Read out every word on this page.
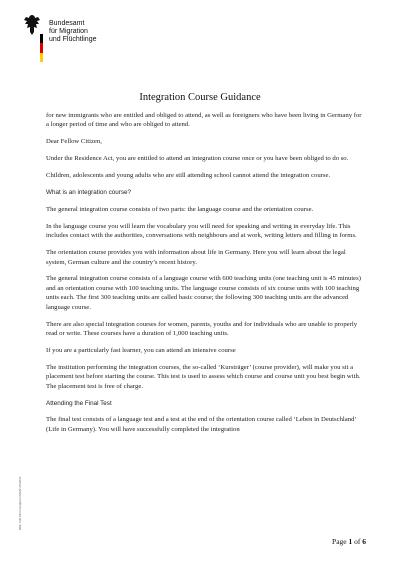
Bundesamt
für Migration
und Flüchtlinge
Integration Course Guidance

for new immigrants who are entitled and obliged to attend, as well as foreigners who have been living in Germany for a longer period of time and who are obliged to attend.

Dear Fellow Citizen,

Under the Residence Act, you are entitled to attend an integration course once or you have been obliged to do so.

Children, adolescents and young adults who are still attending school cannot attend the integration course.

What is an integration course?

The general integration course consists of two parts: the language course and the orientation course.

In the language course you will learn the vocabulary you will need for speaking and writing in everyday life. This includes contact with the authorities, conversations with neighbours and at work, writing letters and filling in forms.

The orientation course provides you with information about life in Germany. Here you will learn about the legal system, German culture and the country’s recent history.

The general integration course consists of a language course with 600 teaching units (one teaching unit is 45 minutes) and an orientation course with 100 teaching units. The language course consists of six course units with 100 teaching units each. The first 300 teaching units are called basic course; the following 300 teaching units are the advanced language course.

There are also special integration courses for women, parents, youths and for individuals who are unable to properly read or write. These courses have a duration of 1,000 teaching units.

If you are a particularly fast learner, you can attend an intensive course

The institution performing the integration courses, the so-called ‘Kursträger’ (course provider), will make you sit a placement test before starting the course. This test is used to assess which course and course unit you best begin with. The placement test is free of charge.

Attending the Final Test

The final test consists of a language test and a test at the end of the orientation course called ‘Leben in Deutschland’ (Life in Germany). You will have successfully completed the integration

BMI- 630.01hm Englisch BAMF 05/2021
Page 1 of 6
